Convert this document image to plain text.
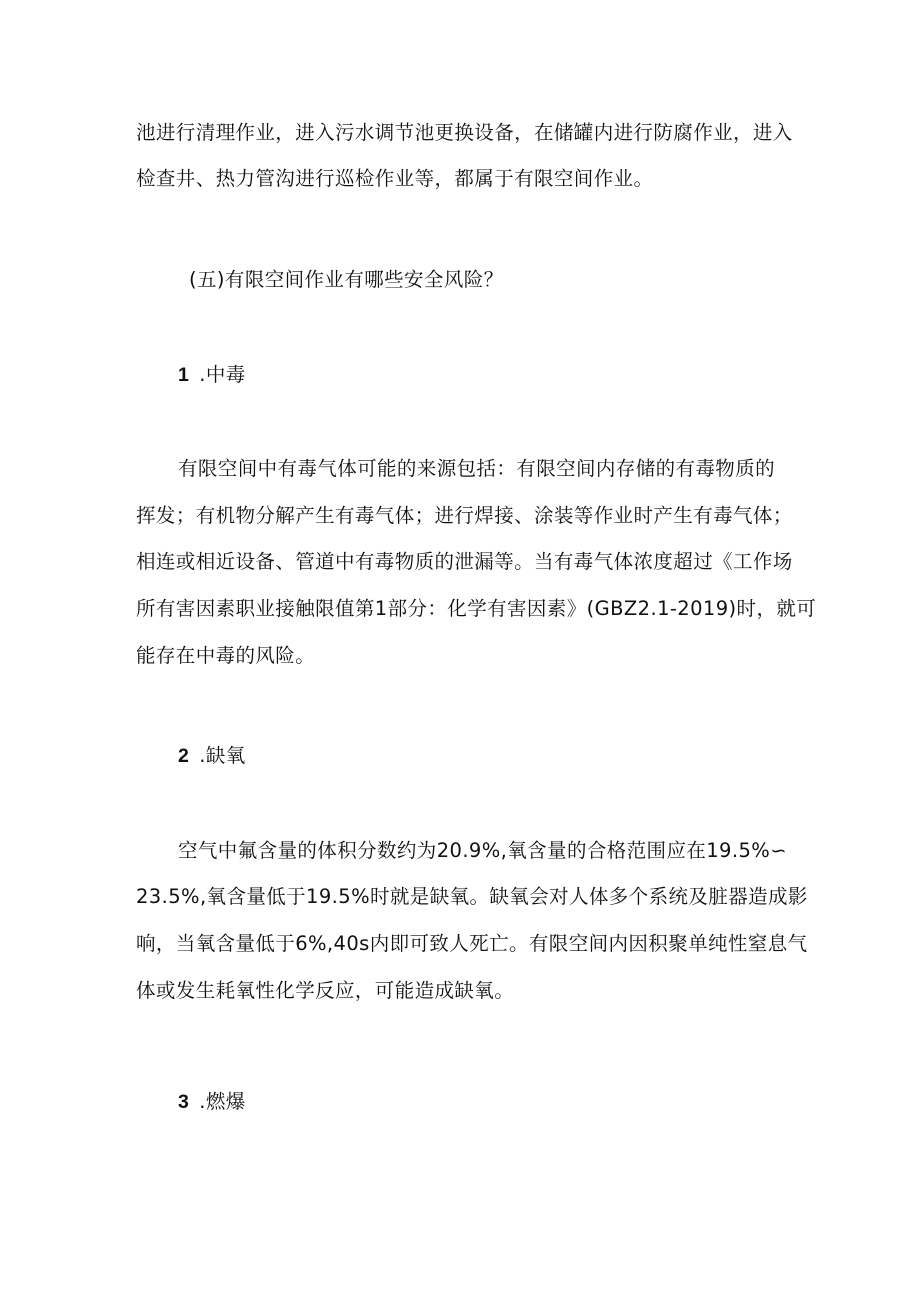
池进行清理作业，进入污水调节池更换设备，在储罐内进行防腐作业，进入
检查井、热力管沟进行巡检作业等，都属于有限空间作业。
(五)有限空间作业有哪些安全风险？
1 .中毒
有限空间中有毒气体可能的来源包括：有限空间内存储的有毒物质的
挥发；有机物分解产生有毒气体；进行焊接、涂装等作业时产生有毒气体；
相连或相近设备、管道中有毒物质的泄漏等。当有毒气体浓度超过《工作场
所有害因素职业接触限值第1部分：化学有害因素》(GBZ2.1-2019)时，就可
能存在中毒的风险。
2 .缺氧
空气中氟含量的体积分数约为20.9%,氧含量的合格范围应在19.5%∽
23.5%,氧含量低于19.5%时就是缺氧。缺氧会对人体多个系统及脏器造成影
响，当氧含量低于6%,40s内即可致人死亡。有限空间内因积聚单纯性窒息气
体或发生耗氧性化学反应，可能造成缺氧。
3 .燃爆
